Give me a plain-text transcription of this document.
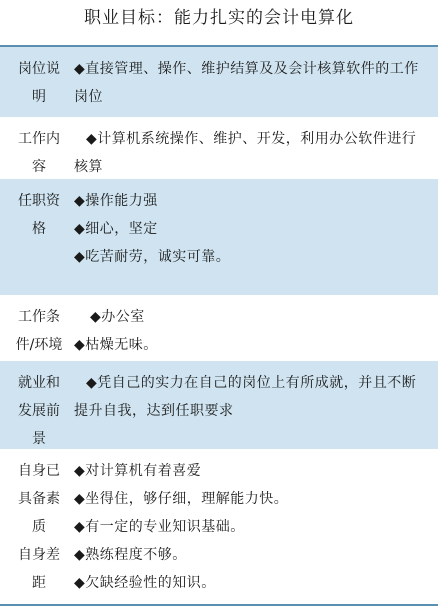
职业目标：能力扎实的会计电算化
岗位说
明
◆直接管理、操作、维护结算及及会计核算软件的工作岗位
工作内
容
◆计算机系统操作、维护、开发，利用办公软件进行核算
任职资
格
◆操作能力强
◆细心，坚定
◆吃苦耐劳，诚实可靠。
工作条
件/环境
◆办公室
◆枯燥无味。
就业和
发展前
景
◆凭自己的实力在自己的岗位上有所成就，并且不断提升自我，达到任职要求
自身已
具备素
质
自身差
距
◆对计算机有着喜爱
◆坐得住，够仔细，理解能力快。
◆有一定的专业知识基础。
◆熟练程度不够。
◆欠缺经验性的知识。
